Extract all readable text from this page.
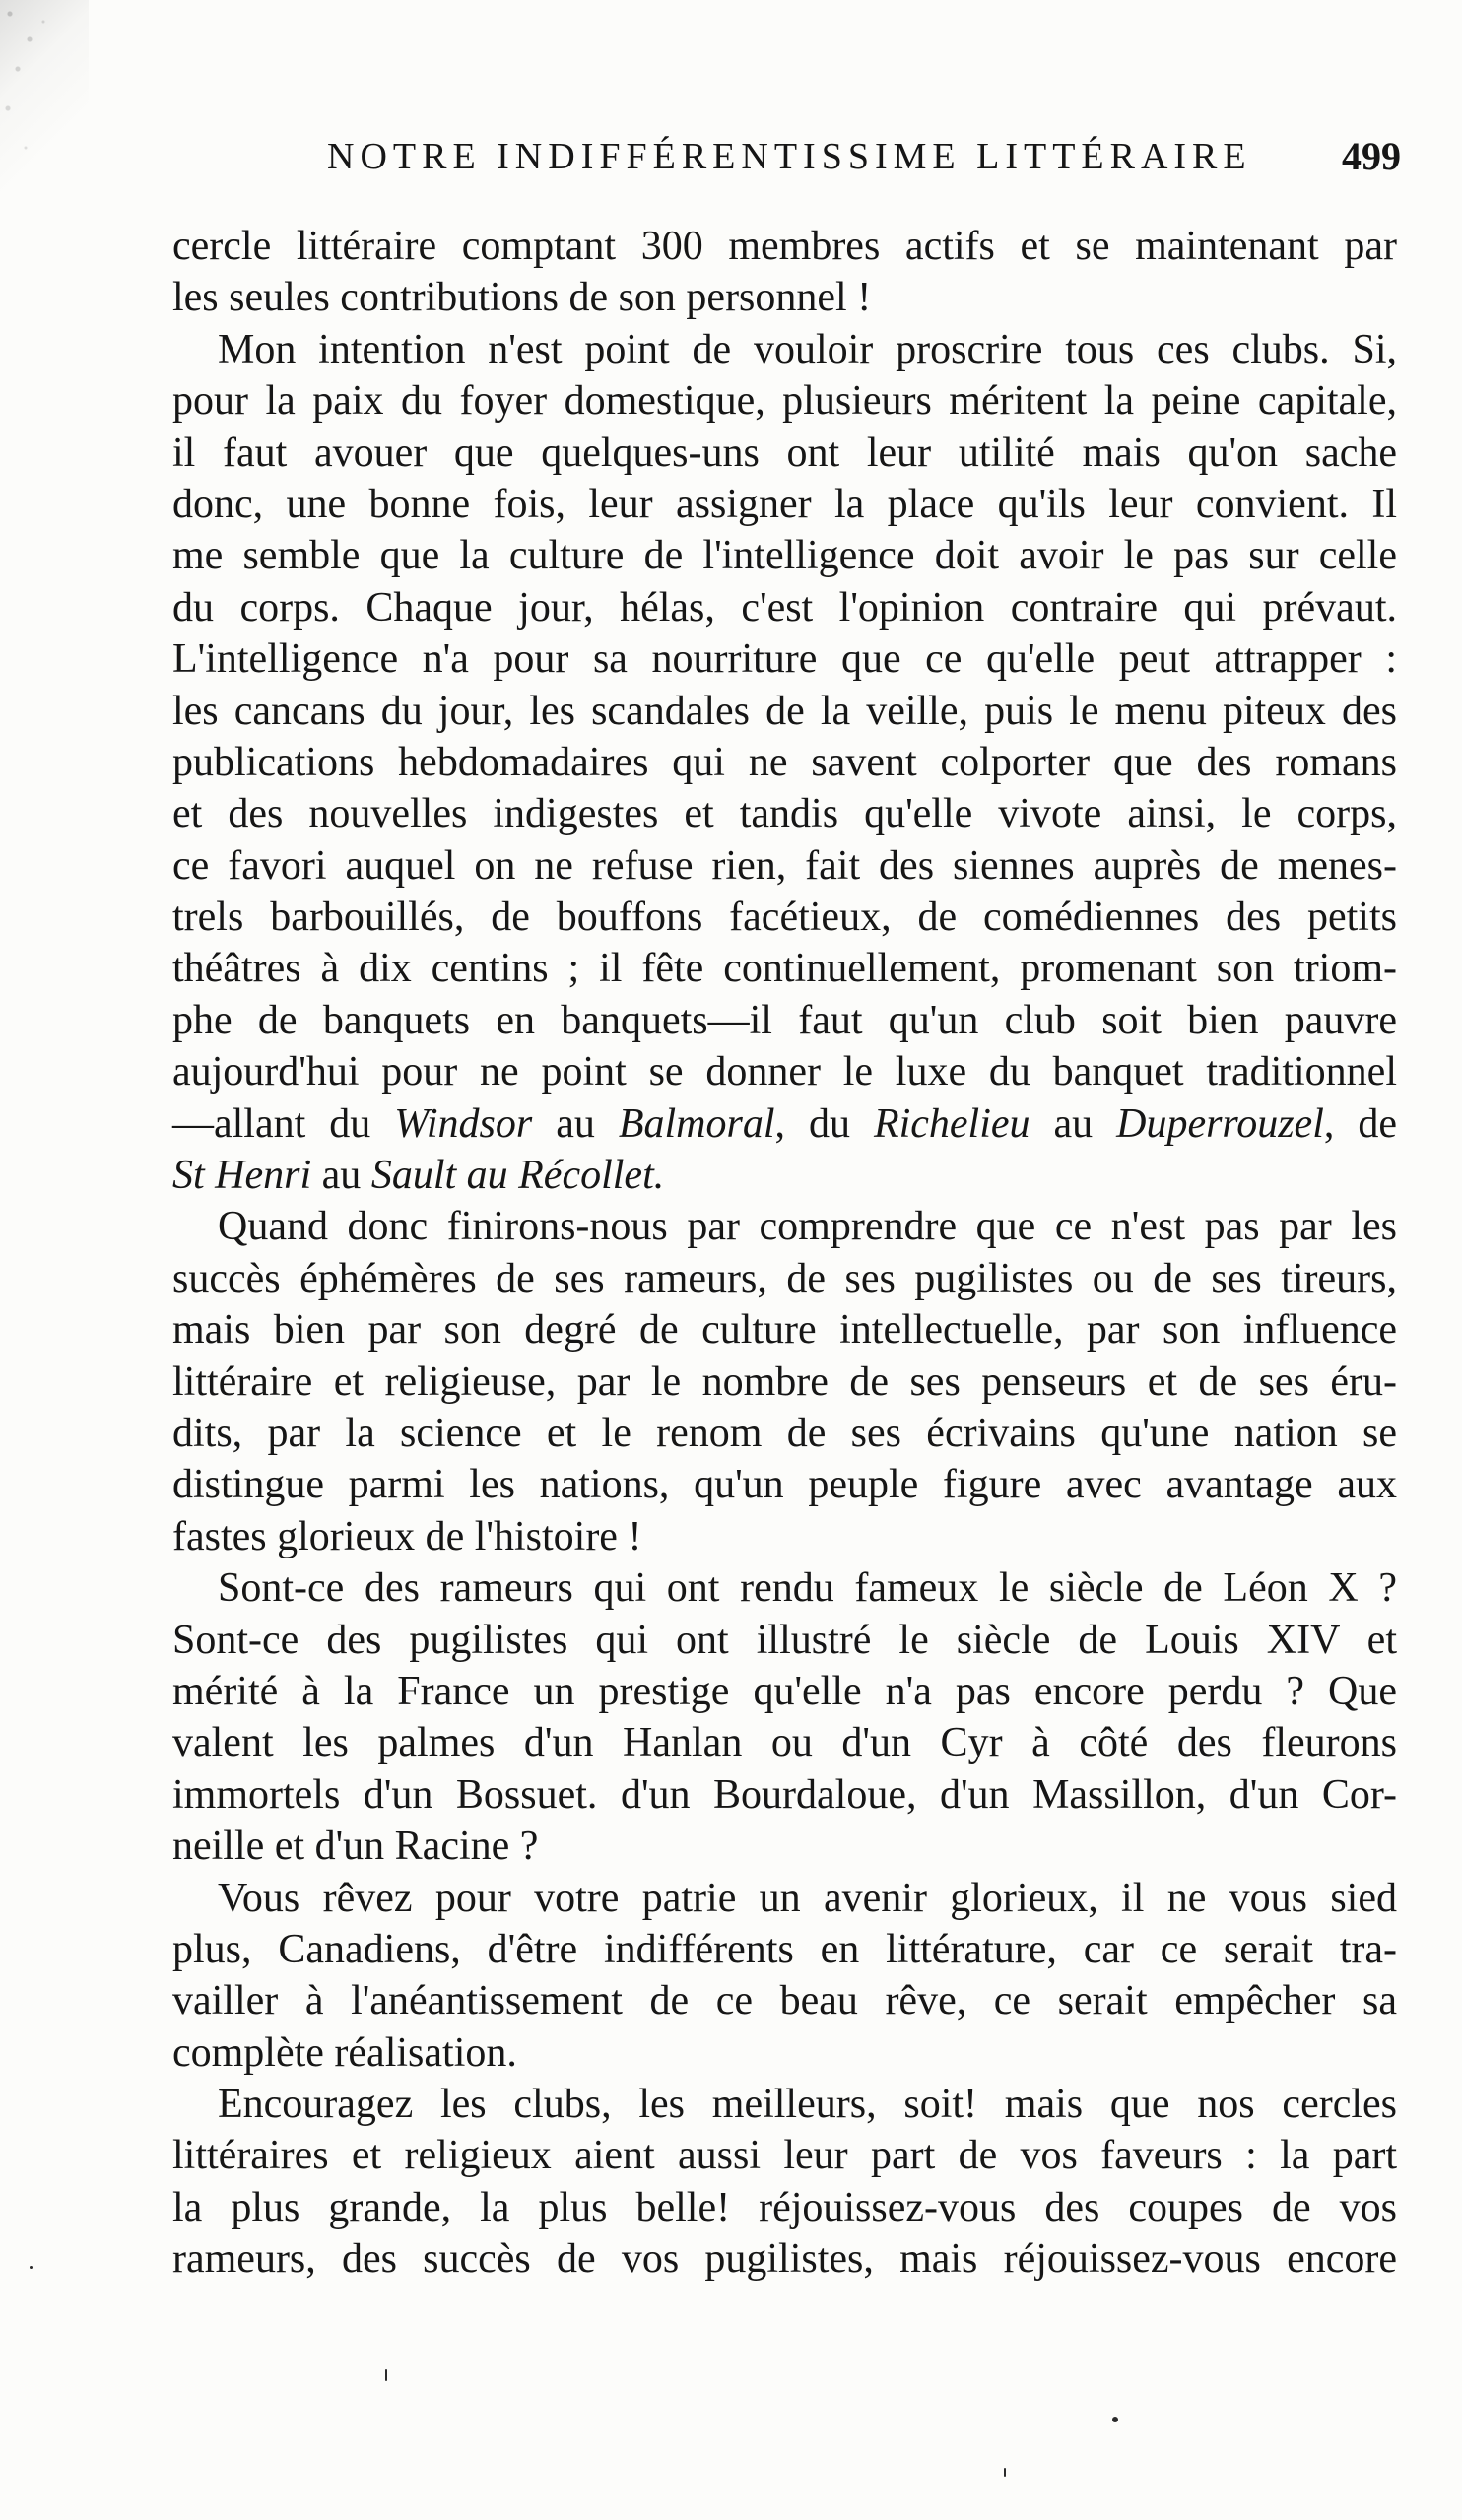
NOTRE INDIFFÉRENTISSIME LITTÉRAIRE 499
cercle littéraire comptant 300 membres actifs et se maintenant par
les seules contributions de son personnel !
Mon intention n'est point de vouloir proscrire tous ces clubs. Si,
pour la paix du foyer domestique, plusieurs méritent la peine capitale,
il faut avouer que quelques-uns ont leur utilité mais qu'on sache
donc, une bonne fois, leur assigner la place qu'ils leur convient. Il
me semble que la culture de l'intelligence doit avoir le pas sur celle
du corps. Chaque jour, hélas, c'est l'opinion contraire qui prévaut.
L'intelligence n'a pour sa nourriture que ce qu'elle peut attrapper :
les cancans du jour, les scandales de la veille, puis le menu piteux des
publications hebdomadaires qui ne savent colporter que des romans
et des nouvelles indigestes et tandis qu'elle vivote ainsi, le corps,
ce favori auquel on ne refuse rien, fait des siennes auprès de menes-
trels barbouillés, de bouffons facétieux, de comédiennes des petits
théâtres à dix centins ; il fête continuellement, promenant son triom-
phe de banquets en banquets—il faut qu'un club soit bien pauvre
aujourd'hui pour ne point se donner le luxe du banquet traditionnel
—allant du Windsor au Balmoral, du Richelieu au Duperrouzel, de
St Henri au Sault au Récollet.
Quand donc finirons-nous par comprendre que ce n'est pas par les
succès éphémères de ses rameurs, de ses pugilistes ou de ses tireurs,
mais bien par son degré de culture intellectuelle, par son influence
littéraire et religieuse, par le nombre de ses penseurs et de ses éru-
dits, par la science et le renom de ses écrivains qu'une nation se
distingue parmi les nations, qu'un peuple figure avec avantage aux
fastes glorieux de l'histoire !
Sont-ce des rameurs qui ont rendu fameux le siècle de Léon X ?
Sont-ce des pugilistes qui ont illustré le siècle de Louis XIV et
mérité à la France un prestige qu'elle n'a pas encore perdu ? Que
valent les palmes d'un Hanlan ou d'un Cyr à côté des fleurons
immortels d'un Bossuet. d'un Bourdaloue, d'un Massillon, d'un Cor-
neille et d'un Racine ?
Vous rêvez pour votre patrie un avenir glorieux, il ne vous sied
plus, Canadiens, d'être indifférents en littérature, car ce serait tra-
vailler à l'anéantissement de ce beau rêve, ce serait empêcher sa
complète réalisation.
Encouragez les clubs, les meilleurs, soit! mais que nos cercles
littéraires et religieux aient aussi leur part de vos faveurs : la part
la plus grande, la plus belle! réjouissez-vous des coupes de vos
rameurs, des succès de vos pugilistes, mais réjouissez-vous encore
